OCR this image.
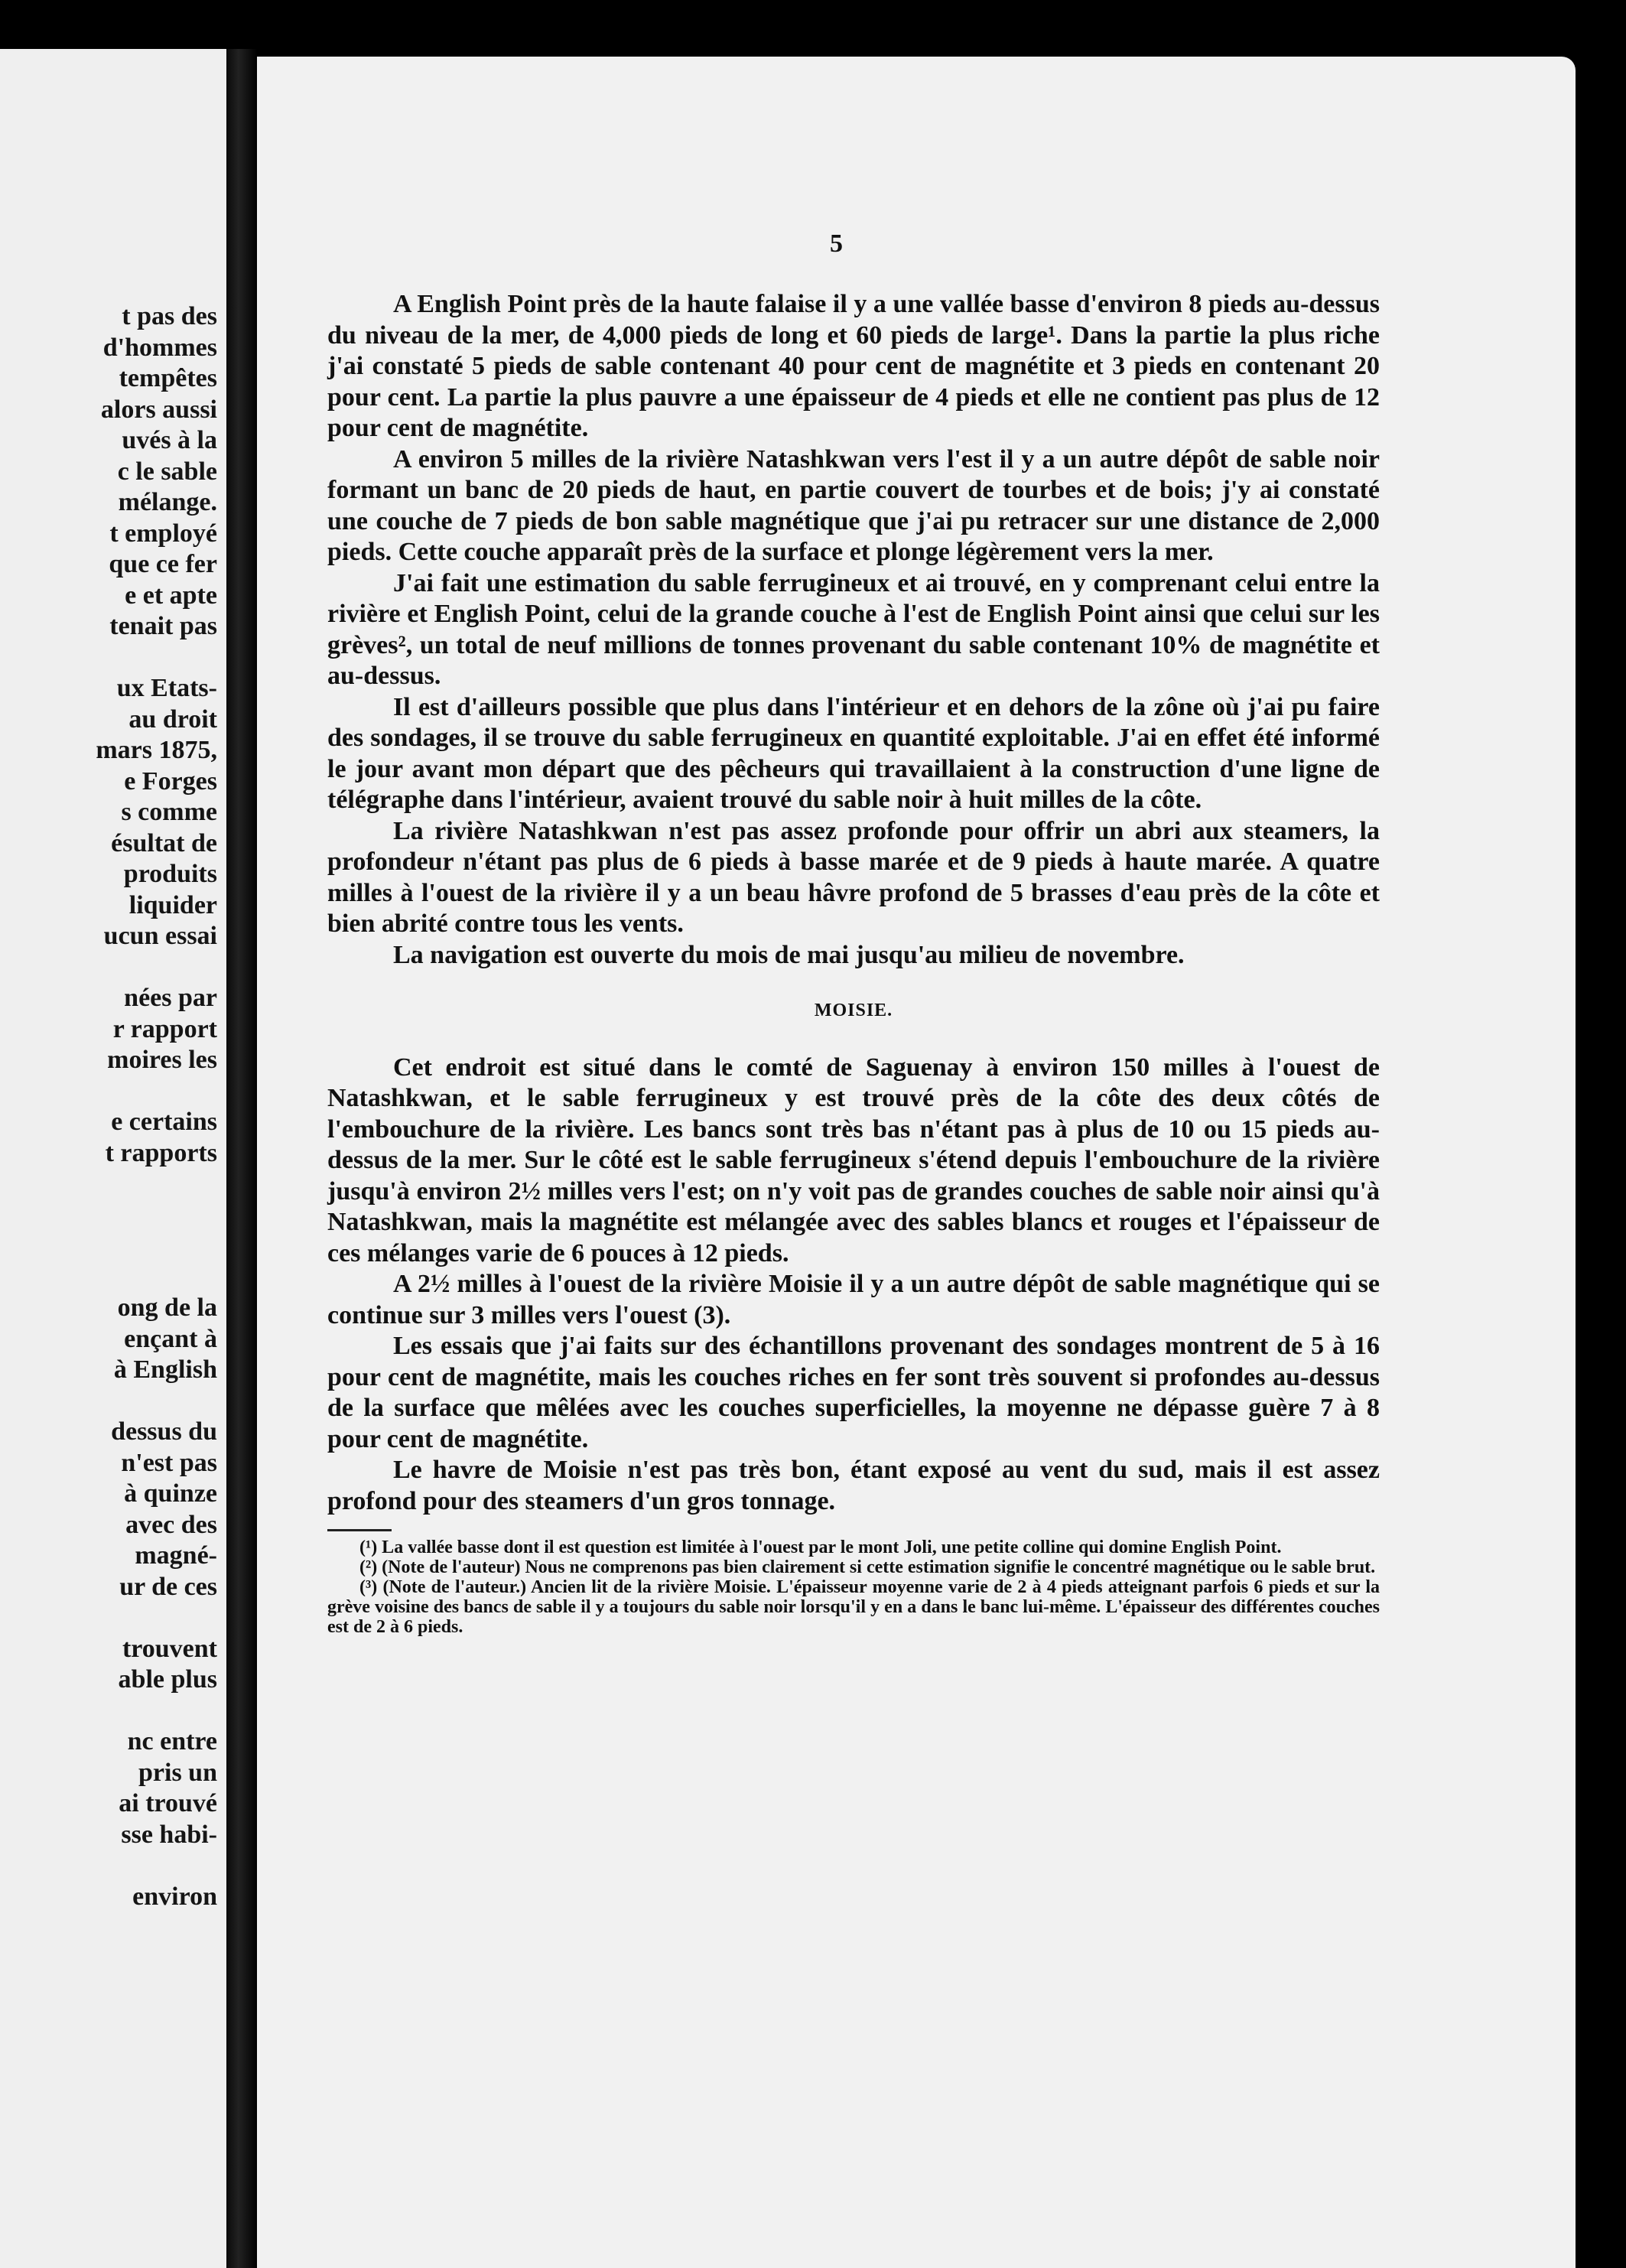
t pas des
d'hommes
tempêtes
alors aussi
uvés à la
c le sable
mélange.
t employé
que ce fer
e et apte
tenait pas

ux Etats-
au droit
mars 1875,
e Forges
s comme
ésultat de
produits
liquider
ucun essai

nées par
r rapport
moires les

e certains
t rapports

ong de la
ençant à
à English

dessus du
n'est pas
à quinze
avec des
magné-
ur de ces

trouvent
able plus

nc entre
pris un
ai trouvé
sse habi-

environ
5

A English Point près de la haute falaise il y a une vallée basse d'environ 8 pieds au-dessus du niveau de la mer, de 4,000 pieds de long et 60 pieds de large¹. Dans la partie la plus riche j'ai constaté 5 pieds de sable contenant 40 pour cent de magnétite et 3 pieds en contenant 20 pour cent. La partie la plus pauvre a une épaisseur de 4 pieds et elle ne contient pas plus de 12 pour cent de magnétite.

A environ 5 milles de la rivière Natashkwan vers l'est il y a un autre dépôt de sable noir formant un banc de 20 pieds de haut, en partie couvert de tourbes et de bois; j'y ai constaté une couche de 7 pieds de bon sable magnétique que j'ai pu retracer sur une distance de 2,000 pieds. Cette couche apparaît près de la surface et plonge légèrement vers la mer.

J'ai fait une estimation du sable ferrugineux et ai trouvé, en y comprenant celui entre la rivière et English Point, celui de la grande couche à l'est de English Point ainsi que celui sur les grèves², un total de neuf millions de tonnes provenant du sable contenant 10% de magnétite et au-dessus.

Il est d'ailleurs possible que plus dans l'intérieur et en dehors de la zône où j'ai pu faire des sondages, il se trouve du sable ferrugineux en quantité exploitable. J'ai en effet été informé le jour avant mon départ que des pêcheurs qui travaillaient à la construction d'une ligne de télégraphe dans l'intérieur, avaient trouvé du sable noir à huit milles de la côte.

La rivière Natashkwan n'est pas assez profonde pour offrir un abri aux steamers, la profondeur n'étant pas plus de 6 pieds à basse marée et de 9 pieds à haute marée. A quatre milles à l'ouest de la rivière il y a un beau hâvre profond de 5 brasses d'eau près de la côte et bien abrité contre tous les vents.

La navigation est ouverte du mois de mai jusqu'au milieu de novembre.

MOISIE.

Cet endroit est situé dans le comté de Saguenay à environ 150 milles à l'ouest de Natashkwan, et le sable ferrugineux y est trouvé près de la côte des deux côtés de l'embouchure de la rivière. Les bancs sont très bas n'étant pas à plus de 10 ou 15 pieds au-dessus de la mer. Sur le côté est le sable ferrugineux s'étend depuis l'embouchure de la rivière jusqu'à environ 2½ milles vers l'est; on n'y voit pas de grandes couches de sable noir ainsi qu'à Natashkwan, mais la magnétite est mélangée avec des sables blancs et rouges et l'épaisseur de ces mélanges varie de 6 pouces à 12 pieds.

A 2½ milles à l'ouest de la rivière Moisie il y a un autre dépôt de sable magnétique qui se continue sur 3 milles vers l'ouest (3).

Les essais que j'ai faits sur des échantillons provenant des sondages montrent de 5 à 16 pour cent de magnétite, mais les couches riches en fer sont très souvent si profondes au-dessus de la surface que mêlées avec les couches superficielles, la moyenne ne dépasse guère 7 à 8 pour cent de magnétite.

Le havre de Moisie n'est pas très bon, étant exposé au vent du sud, mais il est assez profond pour des steamers d'un gros tonnage.

(¹) La vallée basse dont il est question est limitée à l'ouest par le mont Joli, une petite colline qui domine English Point.

(²) (Note de l'auteur) Nous ne comprenons pas bien clairement si cette estimation signifie le concentré magnétique ou le sable brut.

(³) (Note de l'auteur.) Ancien lit de la rivière Moisie. L'épaisseur moyenne varie de 2 à 4 pieds atteignant parfois 6 pieds et sur la grève voisine des bancs de sable il y a toujours du sable noir lorsqu'il y en a dans le banc lui-même. L'épaisseur des différentes couches est de 2 à 6 pieds.
